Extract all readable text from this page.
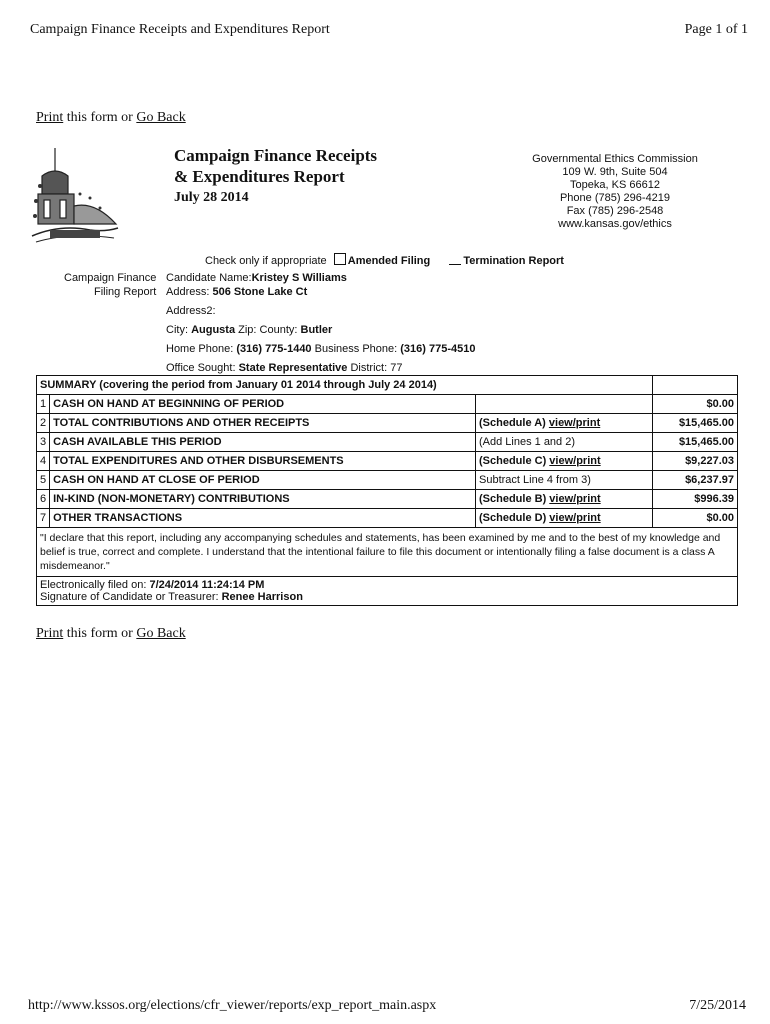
Campaign Finance Receipts and Expenditures Report	Page 1 of 1
Print this form or Go Back
Campaign Finance Receipts
& Expenditures Report
July 28 2014
Governmental Ethics Commission
109 W. 9th, Suite 504
Topeka, KS 66612
Phone (785) 296-4219
Fax (785) 296-2548
www.kansas.gov/ethics
Check only if appropriate Amended Filing	Termination Report
Campaign Finance
Filing Report
Candidate Name:Kristey S Williams
Address: 506 Stone Lake Ct
Address2:
City: Augusta Zip: County: Butler
Home Phone: (316) 775-1440 Business Phone: (316) 775-4510
Office Sought: State Representative District: 77
SUMMARY (covering the period from January 01 2014 through July 24 2014)			
1	CASH ON HAND AT BEGINNING OF PERIOD		$0.00
2	TOTAL CONTRIBUTIONS AND OTHER RECEIPTS	(Schedule A) view/print	$15,465.00
3	CASH AVAILABLE THIS PERIOD	(Add Lines 1 and 2)	$15,465.00
4	TOTAL EXPENDITURES AND OTHER DISBURSEMENTS	(Schedule C) view/print	$9,227.03
5	CASH ON HAND AT CLOSE OF PERIOD	Subtract Line 4 from 3)	$6,237.97
6	IN-KIND (NON-MONETARY) CONTRIBUTIONS	(Schedule B) view/print	$996.39
7	OTHER TRANSACTIONS	(Schedule D) view/print	$0.00
"I declare that this report, including any accompanying schedules and statements, has been examined by me and to the best of my knowledge and belief is true, correct and complete. I understand that the intentional failure to file this document or intentionally filing a false document is a class A misdemeanor."			

Electronically filed on: 7/24/2014 11:24:14 PM
Signature of Candidate or Treasurer: Renee Harrison			
Print this form or Go Back
http://www.kssos.org/elections/cfr_viewer/reports/exp_report_main.aspx	7/25/2014
